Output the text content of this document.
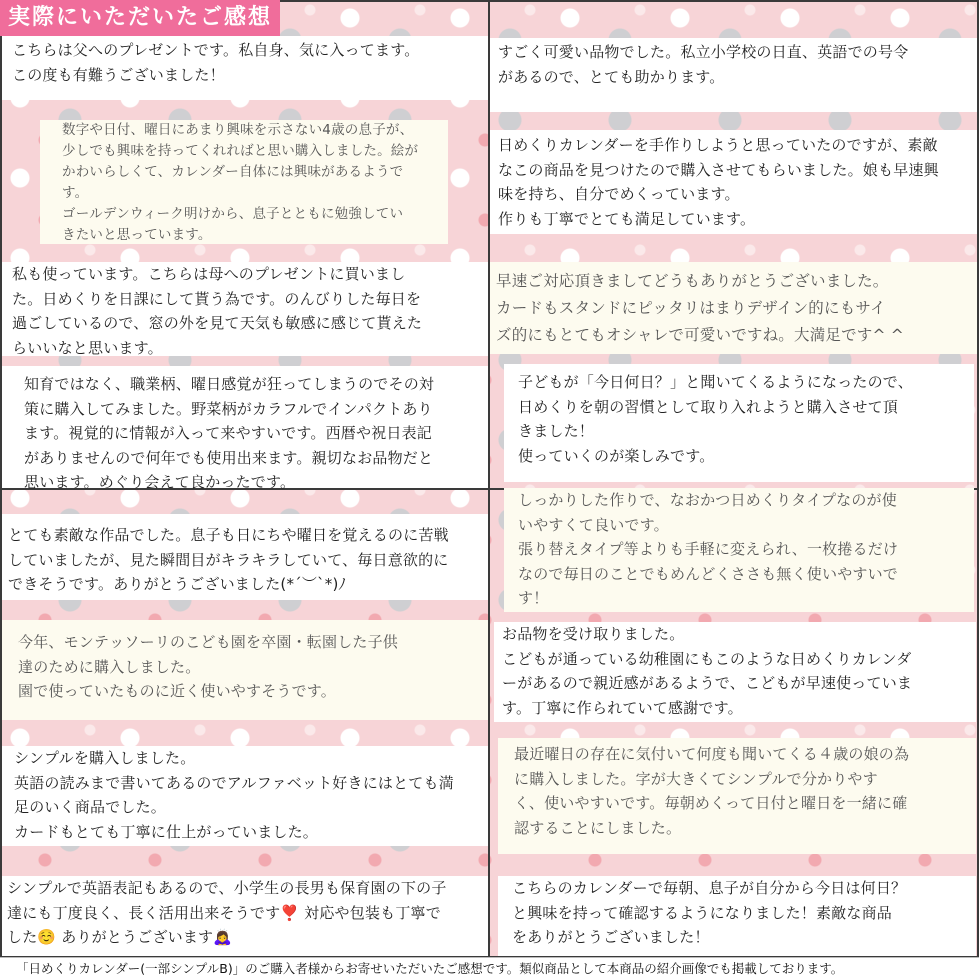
こちらは父へのプレゼントです。私自身、気に入ってます。
この度も有難うございました！
数字や日付、曜日にあまり興味を示さない4歳の息子が、
少しでも興味を持ってくれればと思い購入しました。絵が
かわいらしくて、カレンダー自体には興味があるようで
す。
ゴールデンウィーク明けから、息子とともに勉強してい
きたいと思っています。
私も使っています。こちらは母へのプレゼントに買いまし
た。日めくりを日課にして貰う為です。のんびりした毎日を
過ごしているので、窓の外を見て天気も敏感に感じて貰えた
らいいなと思います。
知育ではなく、職業柄、曜日感覚が狂ってしまうのでその対
策に購入してみました。野菜柄がカラフルでインパクトあり
ます。視覚的に情報が入って来やすいです。西暦や祝日表記
がありませんので何年でも使用出来ます。親切なお品物だと
思います。めぐり会えて良かったです。
すごく可愛い品物でした。私立小学校の日直、英語での号令
があるので、とても助かります。
日めくりカレンダーを手作りしようと思っていたのですが、素敵
なこの商品を見つけたので購入させてもらいました。娘も早速興
味を持ち、自分でめくっています。
作りも丁寧でとても満足しています。
早速ご対応頂きましてどうもありがとうございました。
カードもスタンドにピッタリはまりデザイン的にもサイ
ズ的にもとてもオシャレで可愛いですね。大満足です^ ^
子どもが「今日何日？」と聞いてくるようになったので、
日めくりを朝の習慣として取り入れようと購入させて頂
きました！
使っていくのが楽しみです。
とても素敵な作品でした。息子も日にちや曜日を覚えるのに苦戦
していましたが、見た瞬間目がキラキラしていて、毎日意欲的に
できそうです。ありがとうございました(*´︶`*)ﾉ
今年、モンテッソーリのこども園を卒園・転園した子供
達のために購入しました。
園で使っていたものに近く使いやすそうです。
シンプルを購入しました。
英語の読みまで書いてあるのでアルファベット好きにはとても満
足のいく商品でした。
カードもとても丁寧に仕上がっていました。
シンプルで英語表記もあるので、小学生の長男も保育園の下の子
達にも丁度良く、長く活用出来そうです❣️ 対応や包装も丁寧で
した☺️ ありがとうございます🙇‍♀️
しっかりした作りで、なおかつ日めくりタイプなのが使
いやすくて良いです。
張り替えタイプ等よりも手軽に変えられ、一枚捲るだけ
なので毎日のことでもめんどくささも無く使いやすいで
す！
お品物を受け取りました。
こどもが通っている幼稚園にもこのような日めくりカレンダ
ーがあるので親近感があるようで、こどもが早速使っていま
す。丁寧に作られていて感謝です。
最近曜日の存在に気付いて何度も聞いてくる４歳の娘の為
に購入しました。字が大きくてシンプルで分かりやす
く、使いやすいです。毎朝めくって日付と曜日を一緒に確
認することにしました。
こちらのカレンダーで毎朝、息子が自分から今日は何日？
と興味を持って確認するようになりました！素敵な商品
をありがとうございました！
実際にいただいたご感想
「日めくりカレンダー(一部シンプルB)」のご購入者様からお寄せいただいたご感想です。類似商品として本商品の紹介画像でも掲載しております。
